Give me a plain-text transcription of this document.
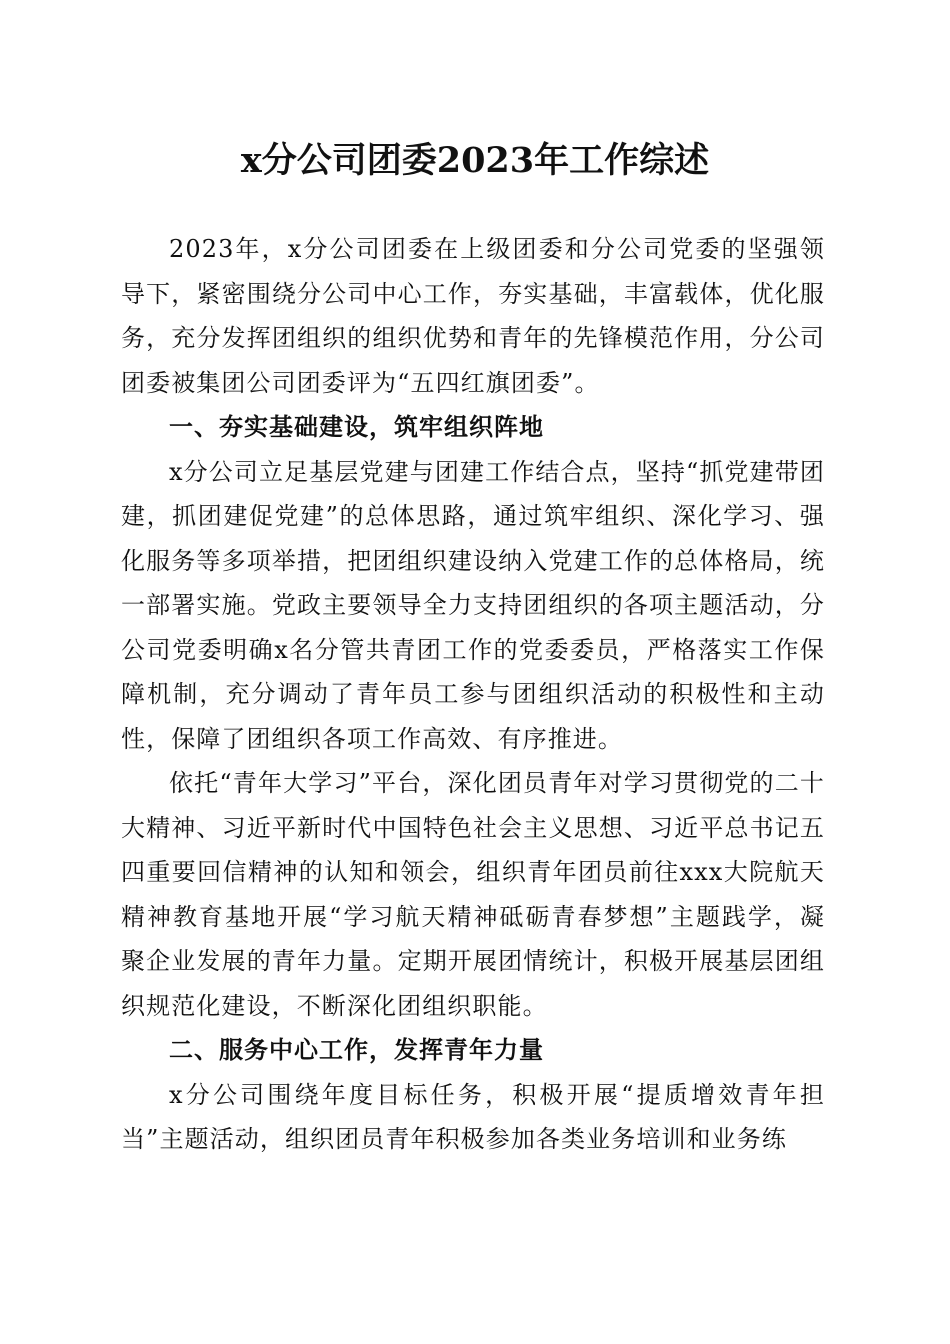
x分公司团委2023年工作综述

2023年，x分公司团委在上级团委和分公司党委的坚强领导下，紧密围绕分公司中心工作，夯实基础，丰富载体，优化服务，充分发挥团组织的组织优势和青年的先锋模范作用，分公司团委被集团公司团委评为“五四红旗团委”。

一、夯实基础建设，筑牢组织阵地

x分公司立足基层党建与团建工作结合点，坚持“抓党建带团建，抓团建促党建”的总体思路，通过筑牢组织、深化学习、强化服务等多项举措，把团组织建设纳入党建工作的总体格局，统一部署实施。党政主要领导全力支持团组织的各项主题活动，分公司党委明确x名分管共青团工作的党委委员，严格落实工作保障机制，充分调动了青年员工参与团组织活动的积极性和主动性，保障了团组织各项工作高效、有序推进。

依托“青年大学习”平台，深化团员青年对学习贯彻党的二十大精神、习近平新时代中国特色社会主义思想、习近平总书记五四重要回信精神的认知和领会，组织青年团员前往xxx大院航天精神教育基地开展“学习航天精神砥砺青春梦想”主题践学，凝聚企业发展的青年力量。定期开展团情统计，积极开展基层团组织规范化建设，不断深化团组织职能。

二、服务中心工作，发挥青年力量

x分公司围绕年度目标任务，积极开展“提质增效青年担当”主题活动，组织团员青年积极参加各类业务培训和业务练
